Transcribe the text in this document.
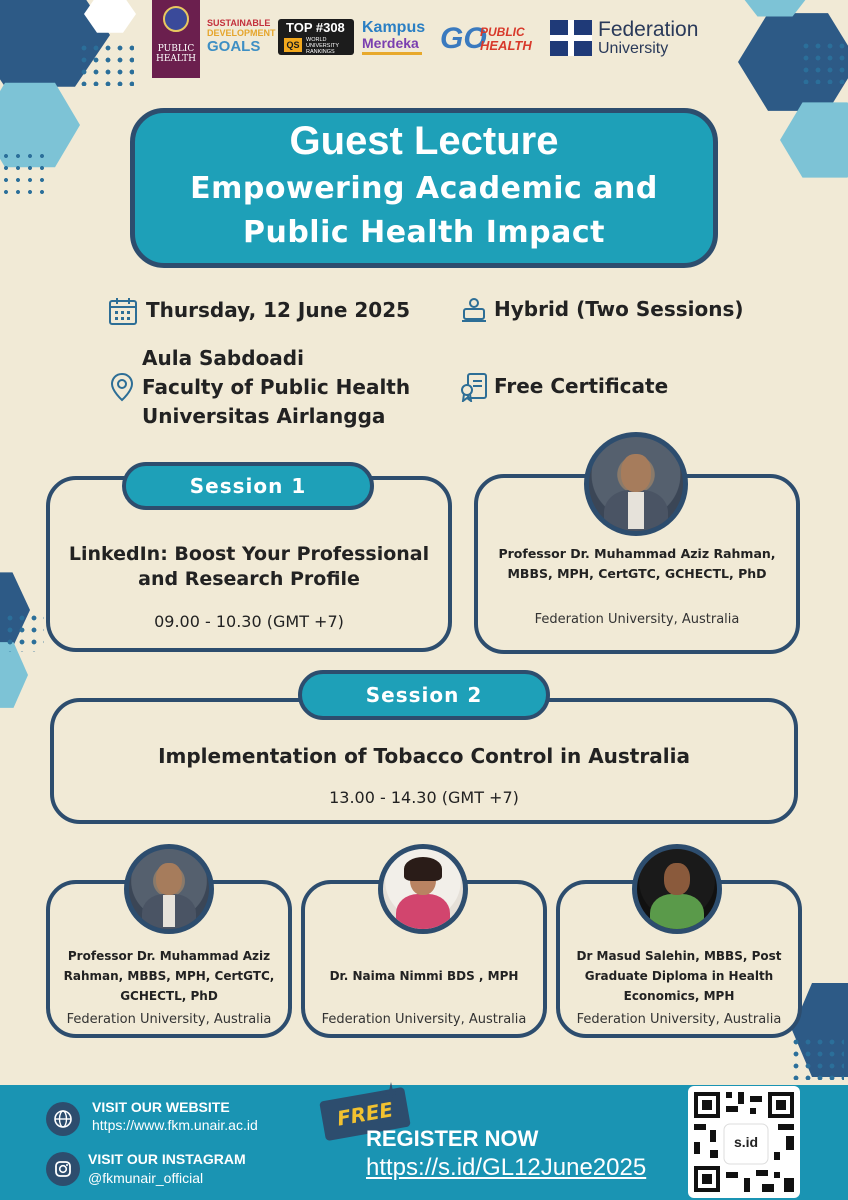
PUBLIC HEALTH
SUSTAINABLE
DEVELOPMENT
GOALS
TOP #308
QS	WORLD
UNIVERSITY
RANKINGS
Kampus
Merdeka GO
PUBLIC
HEALTH
Federation
University
Guest Lecture
Empowering Academic and
Public Health Impact
Thursday, 12 June 2025	Hybrid (Two Sessions)
Aula Sabdoadi
Faculty of Public Health
Universitas Airlangga
Free Certificate
LinkedIn: Boost Your Professional
and Research Profile
09.00 - 10.30 (GMT +7)
Session 1
Professor Dr. Muhammad Aziz Rahman,
MBBS, MPH, CertGTC, GCHECTL, PhD
Federation University, Australia
Implementation of Tobacco Control in Australia
13.00 - 14.30 (GMT +7)
Session 2
Professor Dr. Muhammad Aziz
Rahman, MBBS, MPH, CertGTC,
GCHECTL, PhD
Federation University, Australia
Dr. Naima Nimmi BDS , MPH
Federation University, Australia
Dr Masud Salehin, MBBS, Post
Graduate Diploma in Health
Economics, MPH
Federation University, Australia
VISIT OUR WEBSITE
https://www.fkm.unair.ac.id
VISIT OUR INSTAGRAM
@fkmunair_official
FREE
REGISTER NOW
https://s.id/GL12June2025
s.id
